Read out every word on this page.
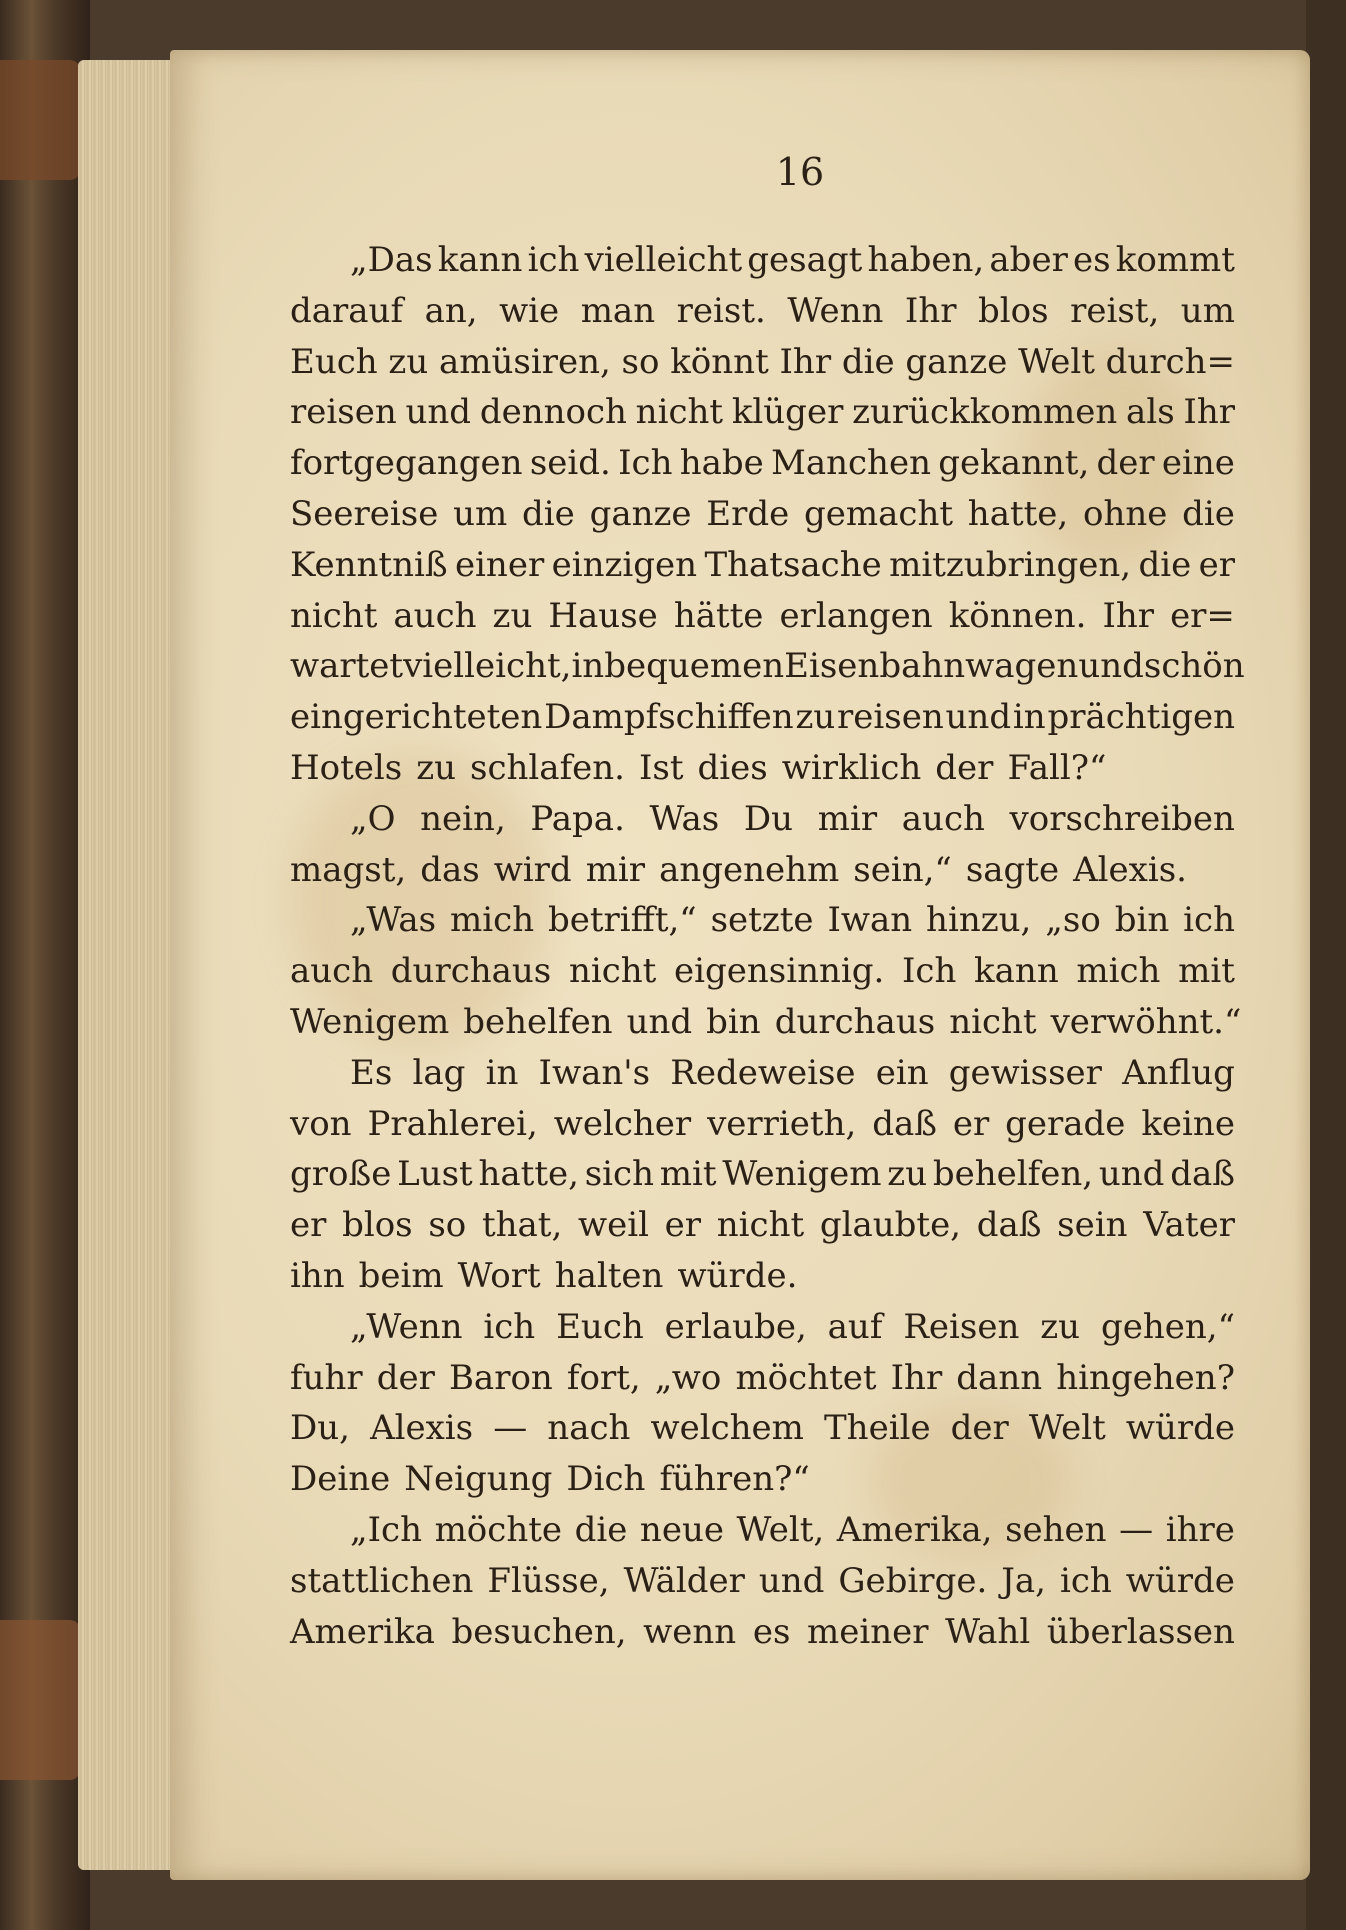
16
„Das kann ich vielleicht gesagt haben, aber es kommt
darauf an, wie man reist. Wenn Ihr blos reist, um
Euch zu amüsiren, so könnt Ihr die ganze Welt durch=
reisen und dennoch nicht klüger zurückkommen als Ihr
fortgegangen seid. Ich habe Manchen gekannt, der eine
Seereise um die ganze Erde gemacht hatte, ohne die
Kenntniß einer einzigen Thatsache mitzubringen, die er
nicht auch zu Hause hätte erlangen können. Ihr er=
wartet vielleicht, in bequemen Eisenbahnwagen und schön
eingerichteten Dampfschiffen zu reisen und in prächtigen
Hotels zu schlafen. Ist dies wirklich der Fall?“
„O nein, Papa. Was Du mir auch vorschreiben
magst, das wird mir angenehm sein,“ sagte Alexis.
„Was mich betrifft,“ setzte Iwan hinzu, „so bin ich
auch durchaus nicht eigensinnig. Ich kann mich mit
Wenigem behelfen und bin durchaus nicht verwöhnt.“
Es lag in Iwan's Redeweise ein gewisser Anflug
von Prahlerei, welcher verrieth, daß er gerade keine
große Lust hatte, sich mit Wenigem zu behelfen, und daß
er blos so that, weil er nicht glaubte, daß sein Vater
ihn beim Wort halten würde.
„Wenn ich Euch erlaube, auf Reisen zu gehen,“
fuhr der Baron fort, „wo möchtet Ihr dann hingehen?
Du, Alexis — nach welchem Theile der Welt würde
Deine Neigung Dich führen?“
„Ich möchte die neue Welt, Amerika, sehen — ihre
stattlichen Flüsse, Wälder und Gebirge. Ja, ich würde
Amerika besuchen, wenn es meiner Wahl überlassen
